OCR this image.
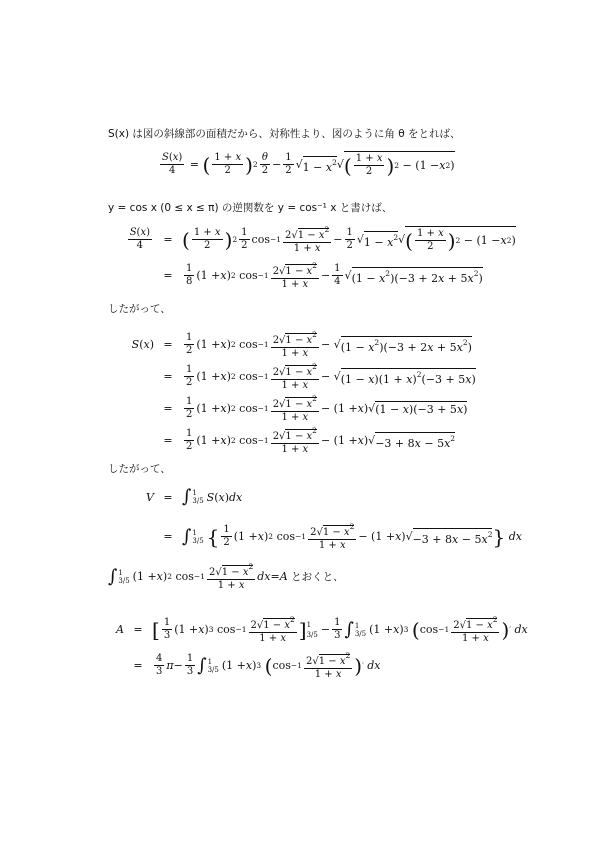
S(x) は図の斜線部の面積だから、対称性より、図のように角 θ をとれば、
$\frac{S(x)}{4}$ = ( $\frac{1 + x}{2}$ ) $2 \frac{\theta}{2} - \frac{1}{2}$ √ $1 - x^2$ √ ( $\frac{1 + x}{2}$ ) 2 − (1 − x 2 )
y = cos x (0 ≤ x ≤ π) の逆関数を y = cos⁻¹ x と書けば、
$\frac{S(x)}{4}$	= ( $\frac{1 + x}{2}$ ) $2 \frac{1}{2}$ $\cos -1 \frac{2√1 - x^2}{1 + x} - \frac{1}{2}$ √ $1 - x^2$ √ ( $\frac{1 + x}{2}$ ) 2 − (1 − x 2 )
=	$\frac{1}{8} (1 + x$ ) 2 $\cos -1 \frac{2√1 - x^2}{1 + x} - \frac{1}{4}$ √ $(1 - x^2)(-3 + 2x + 5x^2)$
したがって、
S(x) =	$\frac{1}{2} (1 + x$ ) 2 $\cos -1 \frac{2√1 - x^2}{1 + x}$ − √ $(1 - x^2)(-3 + 2x + 5x^2)$
=	$\frac{1}{2} (1 + x$ ) 2 $\cos -1 \frac{2√1 - x^2}{1 + x}$ − √ $(1 - x)(1 + x)^2(-3 + 5x)$
=	$\frac{1}{2} (1 + x$ ) 2 $\cos -1 \frac{2√1 - x^2}{1 + x} - (1 + x$ )√ (1 − x)(−3 + 5x)
=	$\frac{1}{2} (1 + x$ ) 2 $\cos -1 \frac{2√1 - x^2}{1 + x} - (1 + x$ )√ $-3 + 8x - 5x^2$
したがって、
V = ∫ 1
3/5 S ( x ) dx
= ∫ 1
3/5 { $\frac{1}{2} (1 + x$ ) 2 $\cos -1 \frac{2√1 - x^2}{1 + x} - (1 + x$ )√ $-3 + 8x - 5x^2$ }
dx
∫ 1
3/5 (1 + x ) 2 $\cos -1 \frac{2√1 - x^2}{1 + x}$ dx = A
とおくと、
A = [ $\frac{1}{3} (1 + x$ ) 3 $\cos -1 \frac{2√1 - x^2}{1 + x}$ ] 1
$3/5 - \frac{1}{3}$ ∫ 1
3/5 (1 + x ) 3
( $\cos -1 \frac{2√1 - x^2}{1 + x}$ ) ′
dx
=	$\frac{4}{3}$ $\pi - \frac{1}{3}$ ∫ 1
3/5 (1 + x ) 3
( $\cos -1 \frac{2√1 - x^2}{1 + x}$ ) ′
dx
